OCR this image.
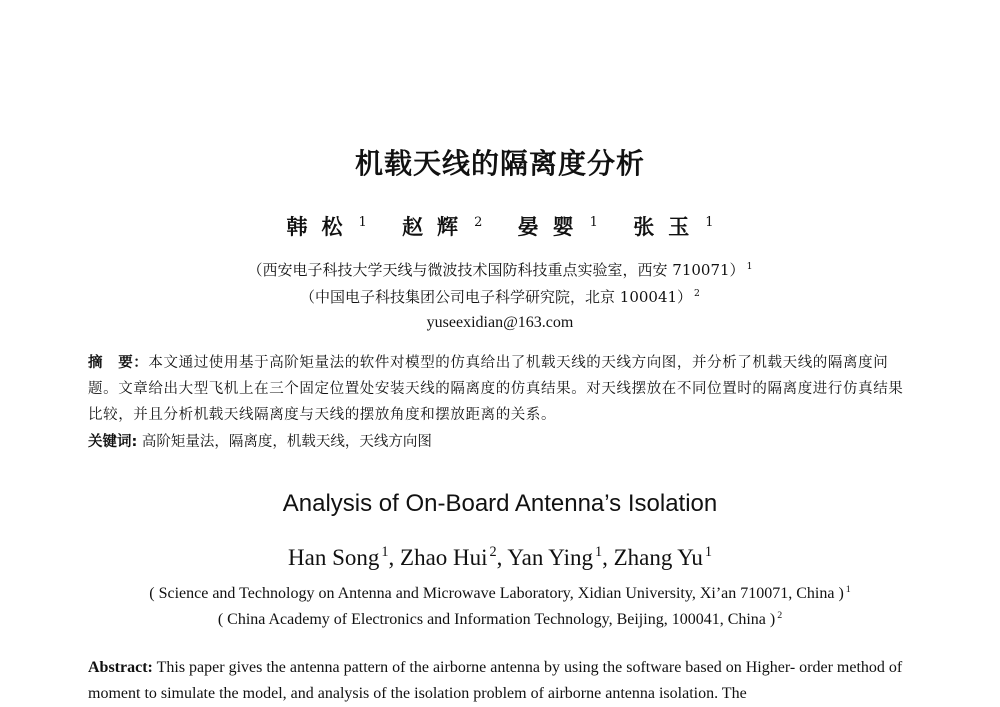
机载天线的隔离度分析
韩松 $^1$ 赵辉 $^2$ 晏婴 $^1$ 张玉 $^1$
（西安电子科技大学天线与微波技术国防科技重点实验室，西安 710071） $^1$
（中国电子科技集团公司电子科学研究院，北京 100041） $^2$
yuseexidian@163.com
摘　要：本文通过使用基于高阶矩量法的软件对模型的仿真给出了机载天线的天线方向图，并分析了机载天线的隔离度问题。文章给出大型飞机上在三个固定位置处安装天线的隔离度的仿真结果。对天线摆放在不同位置时的隔离度进行仿真结果比较，并且分析机载天线隔离度与天线的摆放角度和摆放距离的关系。
关键词: 高阶矩量法，隔离度，机载天线，天线方向图
Analysis of On-Board Antenna’s Isolation
Han Song $^1$, Zhao Hui $^2$, Yan Ying $^1$, Zhang Yu $^1$
( Science and Technology on Antenna and Microwave Laboratory, Xidian University, Xi’an 710071, China ) $^1$
( China Academy of Electronics and Information Technology, Beijing, 100041, China ) $^2$
Abstract: This paper gives the antenna pattern of the airborne antenna by using the software based on Higher- order method of moment to simulate the model, and analysis of the isolation problem of airborne antenna isolation. The
